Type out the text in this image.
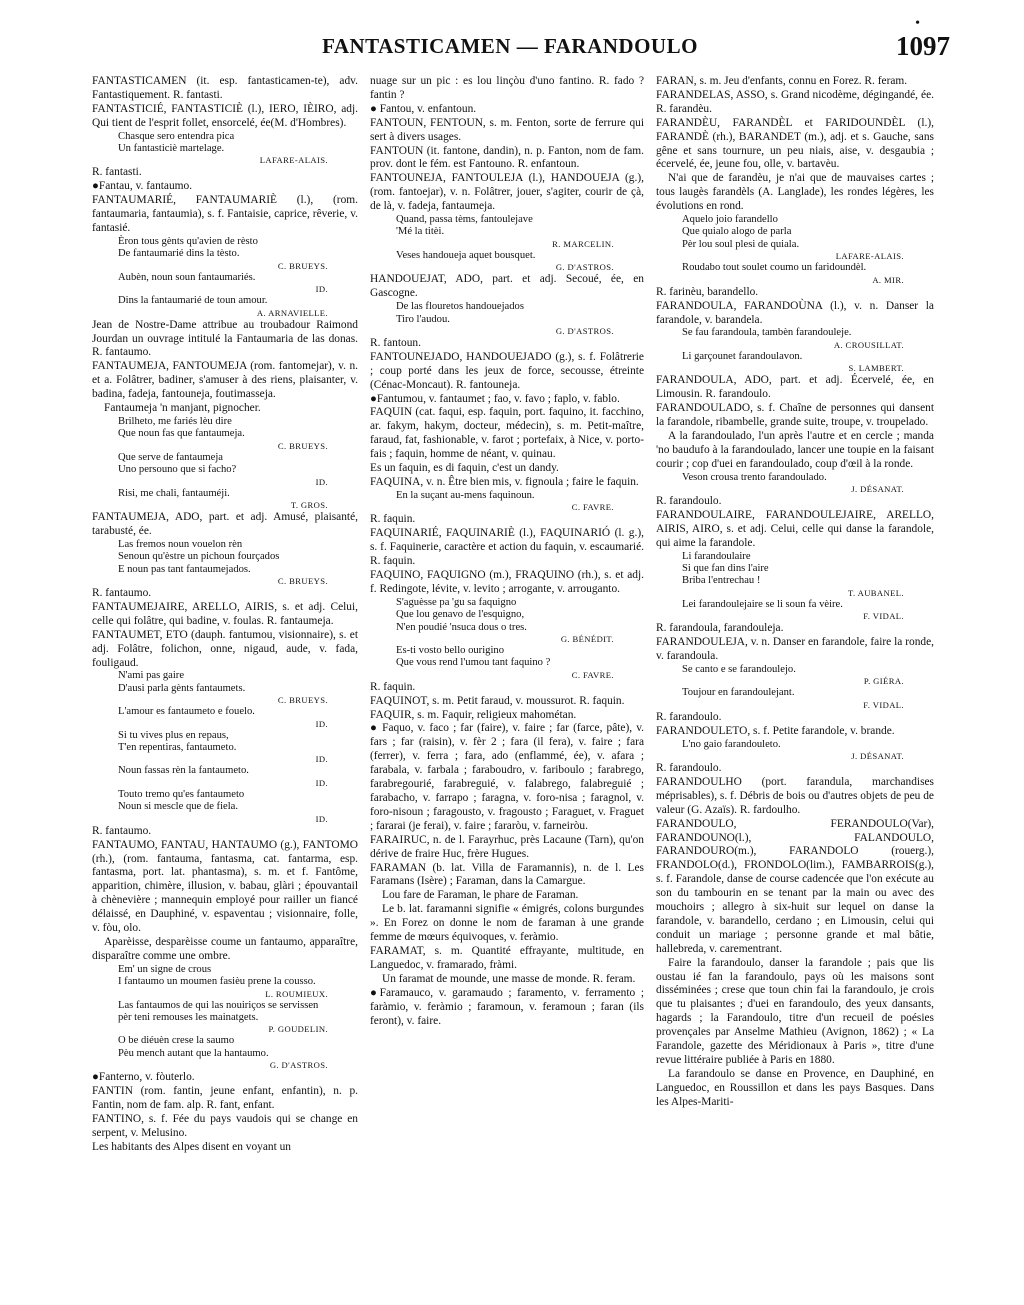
FANTASTICAMEN — FARANDOULO
•
1097

FANTASTICAMEN (it. esp. fantasticamen-te), adv. Fantastiquement. R. fantasti.

FANTASTICIÉ, FANTASTICIÈ (l.), IERO, IÈIRO, adj. Qui tient de l'esprit follet, ensorcelé, ée(M. d'Hombres).

Chasque sero entendra pica
Un fantasticiè martelage.
LAFARE-ALAIS.

R. fantasti.

●Fantau, v. fantaumo.

FANTAUMARIÉ, FANTAUMARIÈ (l.), (rom. fantaumaria, fantaumia), s. f. Fantaisie, caprice, rêverie, v. fantasié.

Èron tous gènts qu'avien de rèsto
De fantaumarié dins la tèsto.
C. BRUEYS.
Aubèn, noun soun fantaumariés.
ID.
Dins la fantaumarié de toun amour.
A. ARNAVIELLE.

Jean de Nostre-Dame attribue au troubadour Raimond Jourdan un ouvrage intitulé la Fantaumaria de las donas. R. fantaumo.

FANTAUMEJA, FANTOUMEJA (rom. fantomejar), v. n. et a. Folâtrer, badiner, s'amuser à des riens, plaisanter, v. badina, fadeja, fantouneja, foutimasseja.

Fantaumeja 'n manjant, pignocher.

Brilheto, me fariés lèu dire
Que noun fas que fantaumeja.
C. BRUEYS.
Que serve de fantaumeja
Uno persouno que si facho?
ID.
Risi, me chali, fantauméji.
T. GROS.

FANTAUMEJA, ADO, part. et adj. Amusé, plaisanté, tarabusté, ée.

Las fremos noun vouelon rèn
Senoun qu'èstre un pichoun fourçados
E noun pas tant fantaumejados.
C. BRUEYS.

R. fantaumo.

FANTAUMEJAIRE, ARELLO, AIRIS, s. et adj. Celui, celle qui folâtre, qui badine, v. foulas. R. fantaumeja.

FANTAUMET, ETO (dauph. fantumou, visionnaire), s. et adj. Folâtre, folichon, onne, nigaud, aude, v. fada, fouligaud.

N'ami pas gaire
D'ausi parla gènts fantaumets.
C. BRUEYS.
L'amour es fantaumeto e fouelo.
ID.
Si tu vives plus en repaus,
T'en repentiras, fantaumeto.
ID.
Noun fassas rèn la fantaumeto.
ID.
Touto tremo qu'es fantaumeto
Noun si mescle que de fiela.
ID.

R. fantaumo.

FANTAUMO, FANTAU, HANTAUMO (g.), FANTOMO (rh.), (rom. fantauma, fantasma, cat. fantarma, esp. fantasma, port. lat. phantasma), s. m. et f. Fantôme, apparition, chimère, illusion, v. babau, glàri ; épouvantail à chènevière ; mannequin employé pour railler un fiancé délaissé, en Dauphiné, v. espaventau ; visionnaire, folle, v. fòu, olo.

Aparèisse, desparèisse coume un fantaumo, apparaître, disparaître comme une ombre.

Em' un signe de crous
I fantaumo un moumen fasièu prene la cousso.
L. ROUMIEUX.
Las fantaumos de qui las nouiriços se servissen
pèr teni remouses les mainatgets.
P. GOUDELIN.
O be diéuèn crese la saumo
Pèu mench autant que la hantaumo.
G. D'ASTROS.

●Fanterno, v. fòuterlo.

FANTIN (rom. fantin, jeune enfant, enfantin), n. p. Fantin, nom de fam. alp. R. fant, enfant.

FANTINO, s. f. Fée du pays vaudois qui se change en serpent, v. Melusino.

Les habitants des Alpes disent en voyant un

nuage sur un pic : es lou linçòu d'uno fantino. R. fado ? fantin ?

● Fantou, v. enfantoun.

FANTOUN, FENTOUN, s. m. Fenton, sorte de ferrure qui sert à divers usages.

FANTOUN (it. fantone, dandin), n. p. Fanton, nom de fam. prov. dont le fém. est Fantouno. R. enfantoun.

FANTOUNEJA, FANTOULEJA (l.), HANDOUEJA (g.), (rom. fantoejar), v. n. Folâtrer, jouer, s'agiter, courir de çà, de là, v. fadeja, fantaumeja.

Quand, passa tèms, fantoulejave
'Mé la titèi.
R. MARCELIN.
Veses handoueja aquet bousquet.
G. D'ASTROS.

HANDOUEJAT, ADO, part. et adj. Secoué, ée, en Gascogne.

De las flouretos handouejados
Tiro l'audou.
G. D'ASTROS.

R. fantoun.

FANTOUNEJADO, HANDOUEJADO (g.), s. f. Folâtrerie ; coup porté dans les jeux de force, secousse, étreinte (Cénac-Moncaut). R. fantouneja.

●Fantumou, v. fantaumet ; fao, v. favo ; faplo, v. fablo.

FAQUIN (cat. faqui, esp. faquin, port. faquino, it. facchino, ar. fakym, hakym, docteur, médecin), s. m. Petit-maître, faraud, fat, fashionable, v. farot ; portefaix, à Nice, v. porto-fais ; faquin, homme de néant, v. quinau.

Es un faquin, es di faquin, c'est un dandy.

FAQUINA, v. n. Être bien mis, v. fignoula ; faire le faquin.

En la suçant au-mens faquinoun.
C. FAVRE.

R. faquin.

FAQUINARIÉ, FAQUINARIÈ (l.), FAQUINARIÓ (l. g.), s. f. Faquinerie, caractère et action du faquin, v. escaumarié. R. faquin.

FAQUINO, FAQUIGNO (m.), FRAQUINO (rh.), s. et adj. f. Redingote, lévite, v. levito ; arrogante, v. arrouganto.

S'aguèsse pa 'gu sa faquigno
Que lou genavo de l'esquigno,
N'en poudié 'nsuca dous o tres.
G. BÉNÉDIT.
Es-ti vosto bello ourigino
Que vous rend l'umou tant faquino ?
C. FAVRE.

R. faquin.

FAQUINOT, s. m. Petit faraud, v. moussurot. R. faquin.

FAQUIR, s. m. Faquir, religieux mahométan.

● Faquo, v. faco ; far (faire), v. faire ; far (farce, pâte), v. fars ; far (raisin), v. fèr 2 ; fara (il fera), v. faire ; fara (ferrer), v. ferra ; fara, ado (enflammé, ée), v. afara ; farabala, v. farbala ; faraboudro, v. fariboulo ; farabrego, farabregourié, farabreguié, v. falabrego, falabreguié ; farabacho, v. farrapo ; faragna, v. foro-nisa ; faragnol, v. foro-nisoun ; faragousto, v. fragousto ; Faraguet, v. Fraguet ; fararai (je ferai), v. faire ; fararòu, v. farneiròu.

FARAIRUC, n. de l. Farayrhuc, près Lacaune (Tarn), qu'on dérive de fraire Huc, frère Hugues.

FARAMAN (b. lat. Villa de Faramannis), n. de l. Les Faramans (Isère) ; Faraman, dans la Camargue.

Lou fare de Faraman, le phare de Faraman.

Le b. lat. faramanni signifie « émigrés, colons burgundes ». En Forez on donne le nom de faraman à une grande femme de mœurs équivoques, v. feràmio.

FARAMAT, s. m. Quantité effrayante, multitude, en Languedoc, v. framarado, fràmi.

Un faramat de mounde, une masse de monde. R. feram.

●Faramauco, v. garamaudo ; faramento, v. ferramento ; faràmio, v. feràmio ; faramoun, v. feramoun ; faran (ils feront), v. faire.

FARAN, s. m. Jeu d'enfants, connu en Forez. R. feram.

FARANDELAS, ASSO, s. Grand nicodème, dégingandé, ée. R. farandèu.

FARANDÈU, FARANDÈL et FARIDOUNDÈL (l.), FARANDÈ (rh.), BARANDET (m.), adj. et s. Gauche, sans gêne et sans tournure, un peu niais, aise, v. desgaubia ; écervelé, ée, jeune fou, olle, v. bartavèu.

N'ai que de farandèu, je n'ai que de mauvaises cartes ; tous laugès farandèls (A. Langlade), les rondes légères, les évolutions en rond.

Aquelo joio farandello
Que quialo alogo de parla
Pèr lou soul plesi de quiala.
LAFARE-ALAIS.
Roudabo tout soulet coumo un faridoundèl.
A. MIR.

R. farinèu, barandello.

FARANDOULA, FARANDOÙNA (l.), v. n. Danser la farandole, v. barandela.

Se fau farandoula, tambèn farandouleje.
A. CROUSILLAT.
Li garçounet farandoulavon.
S. LAMBERT.

FARANDOULA, ADO, part. et adj. Écervelé, ée, en Limousin. R. farandoulo.

FARANDOULADO, s. f. Chaîne de personnes qui dansent la farandole, ribambelle, grande suite, troupe, v. troupelado.

A la farandoulado, l'un après l'autre et en cercle ; manda 'no baudufo à la farandoulado, lancer une toupie en la faisant courir ; cop d'uei en farandoulado, coup d'œil à la ronde.

Veson crousa trento farandoulado.
J. DÉSANAT.

R. farandoulo.

FARANDOULAIRE, FARANDOULEJAIRE, ARELLO, AIRIS, AIRO, s. et adj. Celui, celle qui danse la farandole, qui aime la farandole.

Li farandoulaire
Si que fan dins l'aire
Briba l'entrechau !
T. AUBANEL.
Lei farandoulejaire se li soun fa vèire.
F. VIDAL.

R. farandoula, farandouleja.

FARANDOULEJA, v. n. Danser en farandole, faire la ronde, v. farandoula.

Se canto e se farandoulejo.
P. GIÉRA.
Toujour en farandoulejant.
F. VIDAL.

R. farandoulo.

FARANDOULETO, s. f. Petite farandole, v. brande.

L'no gaio farandouleto.
J. DÉSANAT.

R. farandoulo.

FARANDOULHO (port. farandula, marchandises méprisables), s. f. Débris de bois ou d'autres objets de peu de valeur (G. Azaïs). R. fardoulho.

FARANDOULO, FERANDOULO(Var), FARANDOUNO(l.), FALANDOULO, FARANDOURO(m.), FARANDOLO (rouerg.), FRANDOLO(d.), FRONDOLO(lim.), FAMBARROIS(g.), s. f. Farandole, danse de course cadencée que l'on exécute au son du tambourin en se tenant par la main ou avec des mouchoirs ; allegro à six-huit sur lequel on danse la farandole, v. barandello, cerdano ; en Limousin, celui qui conduit un mariage ; personne grande et mal bâtie, hallebreda, v. carementrant.

Faire la farandoulo, danser la farandole ; pais que lis oustau ié fan la farandoulo, pays où les maisons sont disséminées ; crese que toun chin fai la farandoulo, je crois que tu plaisantes ; d'uei en farandoulo, des yeux dansants, hagards ; la Farandoulo, titre d'un recueil de poésies provençales par Anselme Mathieu (Avignon, 1862) ; « La Farandole, gazette des Méridionaux à Paris », titre d'une revue littéraire publiée à Paris en 1880.

La farandoulo se danse en Provence, en Dauphiné, en Languedoc, en Roussillon et dans les pays Basques. Dans les Alpes-Mariti-
